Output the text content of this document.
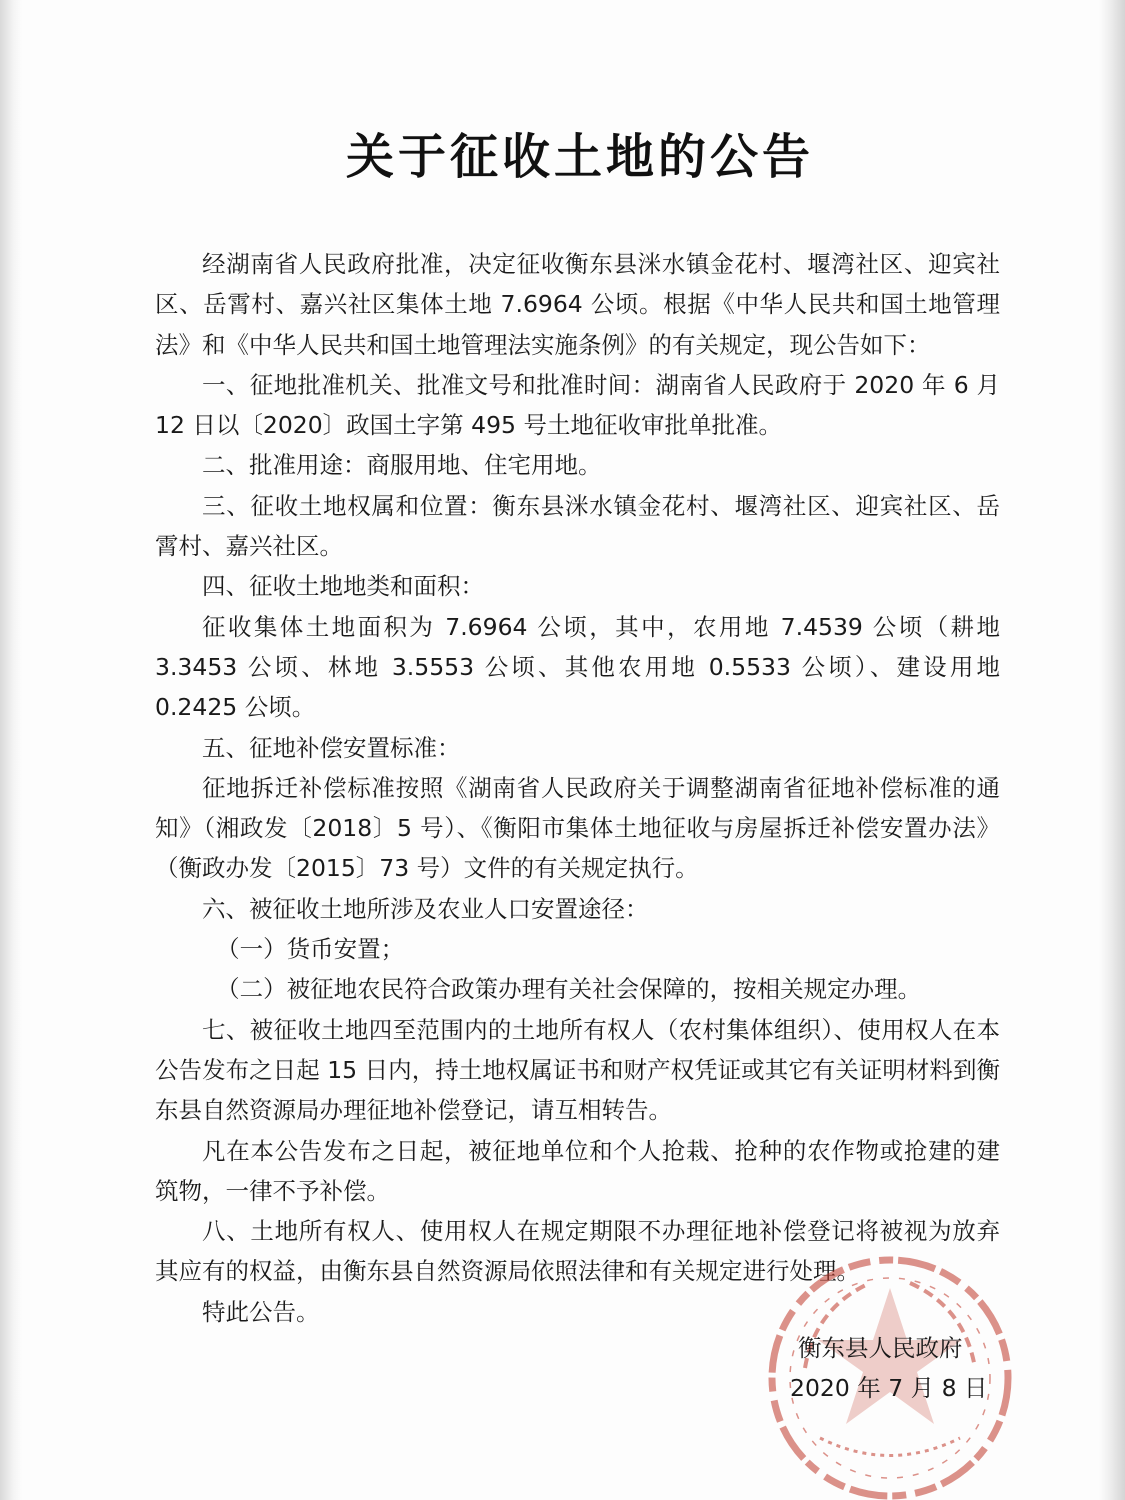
关于征收土地的公告

经湖南省人民政府批准，决定征收衡东县洣水镇金花村、堰湾社区、迎宾社区、岳霄村、嘉兴社区集体土地 7.6964 公顷。根据《中华人民共和国土地管理法》和《中华人民共和国土地管理法实施条例》的有关规定，现公告如下：

一、征地批准机关、批准文号和批准时间：湖南省人民政府于 2020 年 6 月 12 日以〔2020〕政国土字第 495 号土地征收审批单批准。

二、批准用途：商服用地、住宅用地。

三、征收土地权属和位置：衡东县洣水镇金花村、堰湾社区、迎宾社区、岳霄村、嘉兴社区。

四、征收土地地类和面积：

征收集体土地面积为 7.6964 公顷，其中，农用地 7.4539 公顷（耕地 3.3453 公顷、林地 3.5553 公顷、其他农用地 0.5533 公顷）、建设用地 0.2425 公顷。

五、征地补偿安置标准：

征地拆迁补偿标准按照《湖南省人民政府关于调整湖南省征地补偿标准的通知》（湘政发〔2018〕5 号）、《衡阳市集体土地征收与房屋拆迁补偿安置办法》（衡政办发〔2015〕73 号）文件的有关规定执行。

六、被征收土地所涉及农业人口安置途径：

（一）货币安置；

（二）被征地农民符合政策办理有关社会保障的，按相关规定办理。

七、被征收土地四至范围内的土地所有权人（农村集体组织）、使用权人在本公告发布之日起 15 日内，持土地权属证书和财产权凭证或其它有关证明材料到衡东县自然资源局办理征地补偿登记，请互相转告。

凡在本公告发布之日起，被征地单位和个人抢栽、抢种的农作物或抢建的建筑物，一律不予补偿。

八、土地所有权人、使用权人在规定期限不办理征地补偿登记将被视为放弃其应有的权益，由衡东县自然资源局依照法律和有关规定进行处理。

特此公告。

衡东县人民政府
2020 年 7 月 8 日
